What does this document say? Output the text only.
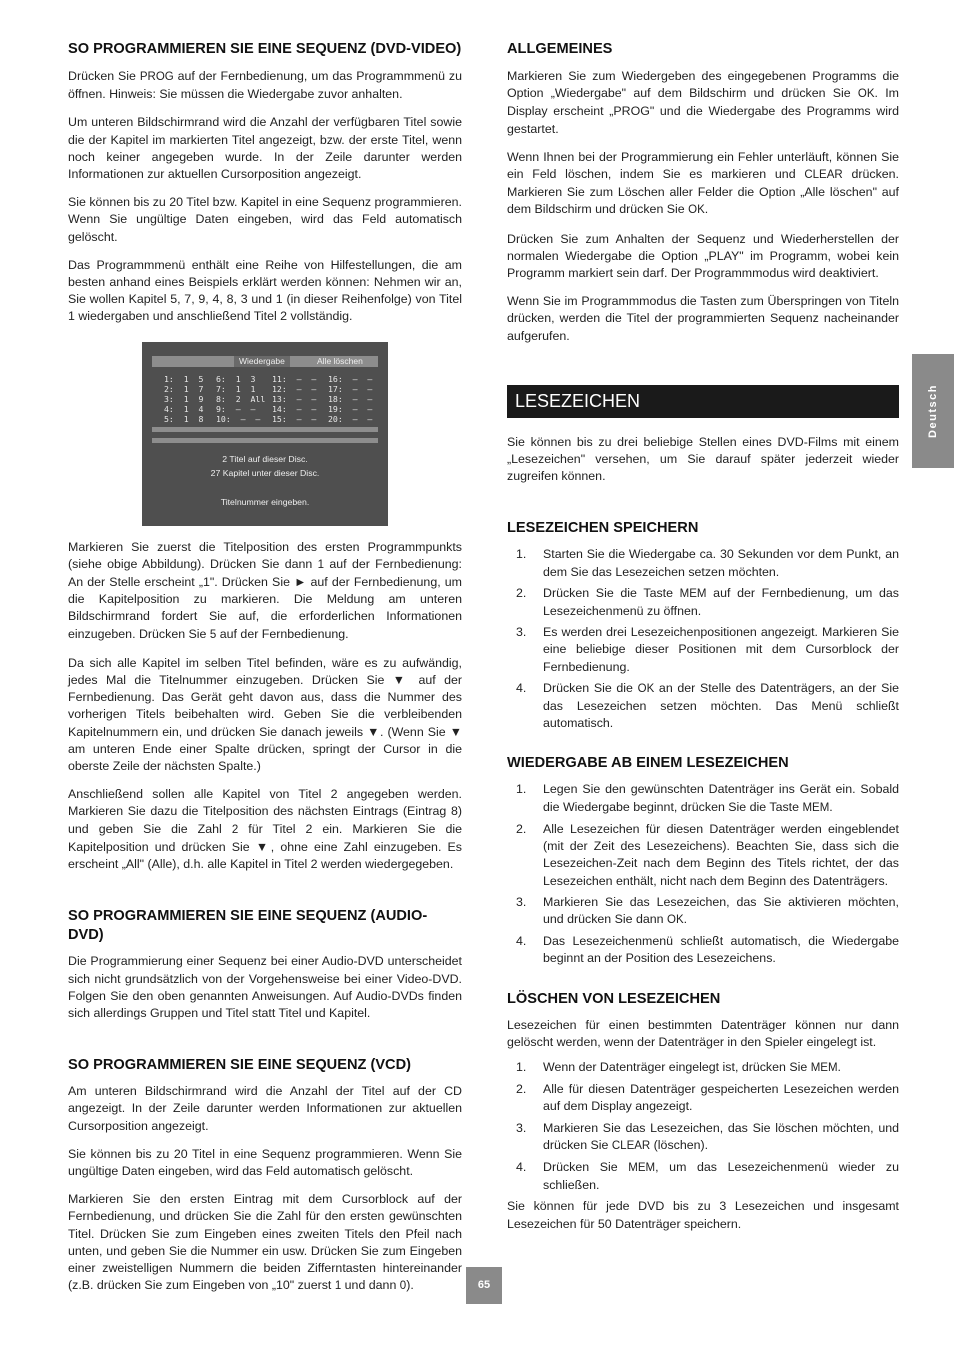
SO PROGRAMMIEREN SIE EINE SEQUENZ (DVD-VIDEO)

Drücken Sie PROG auf der Fernbedienung, um das Programmmenü zu öffnen. Hinweis: Sie müssen die Wiedergabe zuvor anhalten.

Um unteren Bildschirmrand wird die Anzahl der verfügbaren Titel sowie die der Kapitel im markierten Titel angezeigt, bzw. der erste Titel, wenn noch keiner angegeben wurde. In der Zeile darunter werden Informationen zur aktuellen Cursorposition angezeigt.

Sie können bis zu 20 Titel bzw. Kapitel in eine Sequenz programmieren. Wenn Sie ungültige Daten eingeben, wird das Feld automatisch gelöscht.

Das Programmmenü enthält eine Reihe von Hilfestellungen, die am besten anhand eines Beispiels erklärt werden können: Nehmen wir an, Sie wollen Kapitel 5, 7, 9, 4, 8, 3 und 1 (in dieser Reihenfolge) von Titel 1 wiedergaben und anschließend Titel 2 vollständig.

Wiedergabe	Alle löschen
1:  1  5
2:  1  7
3:  1  9
4:  1  4
5:  1  8
6:  1  3
7:  1  1
8:  2  All
9:  –  –
10:  –  –
11:  –  –
12:  –  –
13:  –  –
14:  –  –
15:  –  –
16:  –  –
17:  –  –
18:  –  –
19:  –  –
20:  –  –
2 Titel auf dieser Disc.
27 Kapitel unter dieser Disc.
Titelnummer eingeben.

Markieren Sie zuerst die Titelposition des ersten Programmpunkts (siehe obige Abbildung). Drücken Sie dann 1 auf der Fernbedienung: An der Stelle erscheint „1". Drücken Sie ► auf der Fernbedienung, um die Kapitelposition zu markieren. Die Meldung am unteren Bildschirmrand fordert Sie auf, die erforderlichen Informationen einzugeben. Drücken Sie 5 auf der Fernbedienung.

Da sich alle Kapitel im selben Titel befinden, wäre es zu aufwändig, jedes Mal die Titelnummer einzugeben. Drücken Sie ▼ auf der Fernbedienung. Das Gerät geht davon aus, dass die Nummer des vorherigen Titels beibehalten wird. Geben Sie die verbleibenden Kapitelnummern ein, und drücken Sie danach jeweils ▼. (Wenn Sie ▼ am unteren Ende einer Spalte drücken, springt der Cursor in die oberste Zeile der nächsten Spalte.)

Anschließend sollen alle Kapitel von Titel 2 angegeben werden. Markieren Sie dazu die Titelposition des nächsten Eintrags (Eintrag 8) und geben Sie die Zahl 2 für Titel 2 ein. Markieren Sie die Kapitelposition und drücken Sie ▼, ohne eine Zahl einzugeben. Es erscheint „All" (Alle), d.h. alle Kapitel in Titel 2 werden wiedergegeben.

SO PROGRAMMIEREN SIE EINE SEQUENZ (AUDIO-DVD)

Die Programmierung einer Sequenz bei einer Audio-DVD unterscheidet sich nicht grundsätzlich von der Vorgehensweise bei einer Video-DVD. Folgen Sie den oben genannten Anweisungen. Auf Audio-DVDs finden sich allerdings Gruppen und Titel statt Titel und Kapitel.

SO PROGRAMMIEREN SIE EINE SEQUENZ (VCD)

Am unteren Bildschirmrand wird die Anzahl der Titel auf der CD angezeigt. In der Zeile darunter werden Informationen zur aktuellen Cursorposition angezeigt.

Sie können bis zu 20 Titel in eine Sequenz programmieren. Wenn Sie ungültige Daten eingeben, wird das Feld automatisch gelöscht.

Markieren Sie den ersten Eintrag mit dem Cursorblock auf der Fernbedienung, und drücken Sie die Zahl für den ersten gewünschten Titel. Drücken Sie zum Eingeben eines zweiten Titels den Pfeil nach unten, und geben Sie die Nummer ein usw. Drücken Sie zum Eingeben einer zweistelligen Nummern die beiden Zifferntasten hintereinander (z.B. drücken Sie zum Eingeben von „10" zuerst 1 und dann 0).

ALLGEMEINES

Markieren Sie zum Wiedergeben des eingegebenen Programms die Option „Wiedergabe" auf dem Bildschirm und drücken Sie OK. Im Display erscheint „PROG" und die Wiedergabe des Programms wird gestartet.

Wenn Ihnen bei der Programmierung ein Fehler unterläuft, können Sie ein Feld löschen, indem Sie es markieren und CLEAR drücken. Markieren Sie zum Löschen aller Felder die Option „Alle löschen" auf dem Bildschirm und drücken Sie OK.

Drücken Sie zum Anhalten der Sequenz und Wiederherstellen der normalen Wiedergabe die Option „PLAY" im Programm, wobei kein Programm markiert sein darf. Der Programmmodus wird deaktiviert.

Wenn Sie im Programmmodus die Tasten zum Überspringen von Titeln drücken, werden die Titel der programmierten Sequenz nacheinander aufgerufen.

LESEZEICHEN

Sie können bis zu drei beliebige Stellen eines DVD-Films mit einem „Lesezeichen" versehen, um Sie darauf später jederzeit wieder zugreifen können.

LESEZEICHEN SPEICHERN
1. Starten Sie die Wiedergabe ca. 30 Sekunden vor dem Punkt, an dem Sie das Lesezeichen setzen möchten.
2. Drücken Sie die Taste MEM auf der Fernbedienung, um das Lesezeichenmenü zu öffnen.
3. Es werden drei Lesezeichenpositionen angezeigt. Markieren Sie eine beliebige dieser Positionen mit dem Cursorblock der Fernbedienung.
4. Drücken Sie die OK an der Stelle des Datenträgers, an der Sie das Lesezeichen setzen möchten. Das Menü schließt automatisch.
WIEDERGABE AB EINEM LESEZEICHEN
1. Legen Sie den gewünschten Datenträger ins Gerät ein. Sobald die Wiedergabe beginnt, drücken Sie die Taste MEM.
2. Alle Lesezeichen für diesen Datenträger werden eingeblendet (mit der Zeit des Lesezeichens). Beachten Sie, dass sich die Lesezeichen-Zeit nach dem Beginn des Titels richtet, der das Lesezeichen enthält, nicht nach dem Beginn des Datenträgers.
3. Markieren Sie das Lesezeichen, das Sie aktivieren möchten, und drücken Sie dann OK.
4. Das Lesezeichenmenü schließt automatisch, die Wiedergabe beginnt an der Position des Lesezeichens.
LÖSCHEN VON LESEZEICHEN

Lesezeichen für einen bestimmten Datenträger können nur dann gelöscht werden, wenn der Datenträger in den Spieler eingelegt ist.

1. Wenn der Datenträger eingelegt ist, drücken Sie MEM.
2. Alle für diesen Datenträger gespeicherten Lesezeichen werden auf dem Display angezeigt.
3. Markieren Sie das Lesezeichen, das Sie löschen möchten, und drücken Sie CLEAR (löschen).
4. Drücken Sie MEM, um das Lesezeichenmenü wieder zu schließen.

Sie können für jede DVD bis zu 3 Lesezeichen und insgesamt Lesezeichen für 50 Datenträger speichern.

Deutsch
65
